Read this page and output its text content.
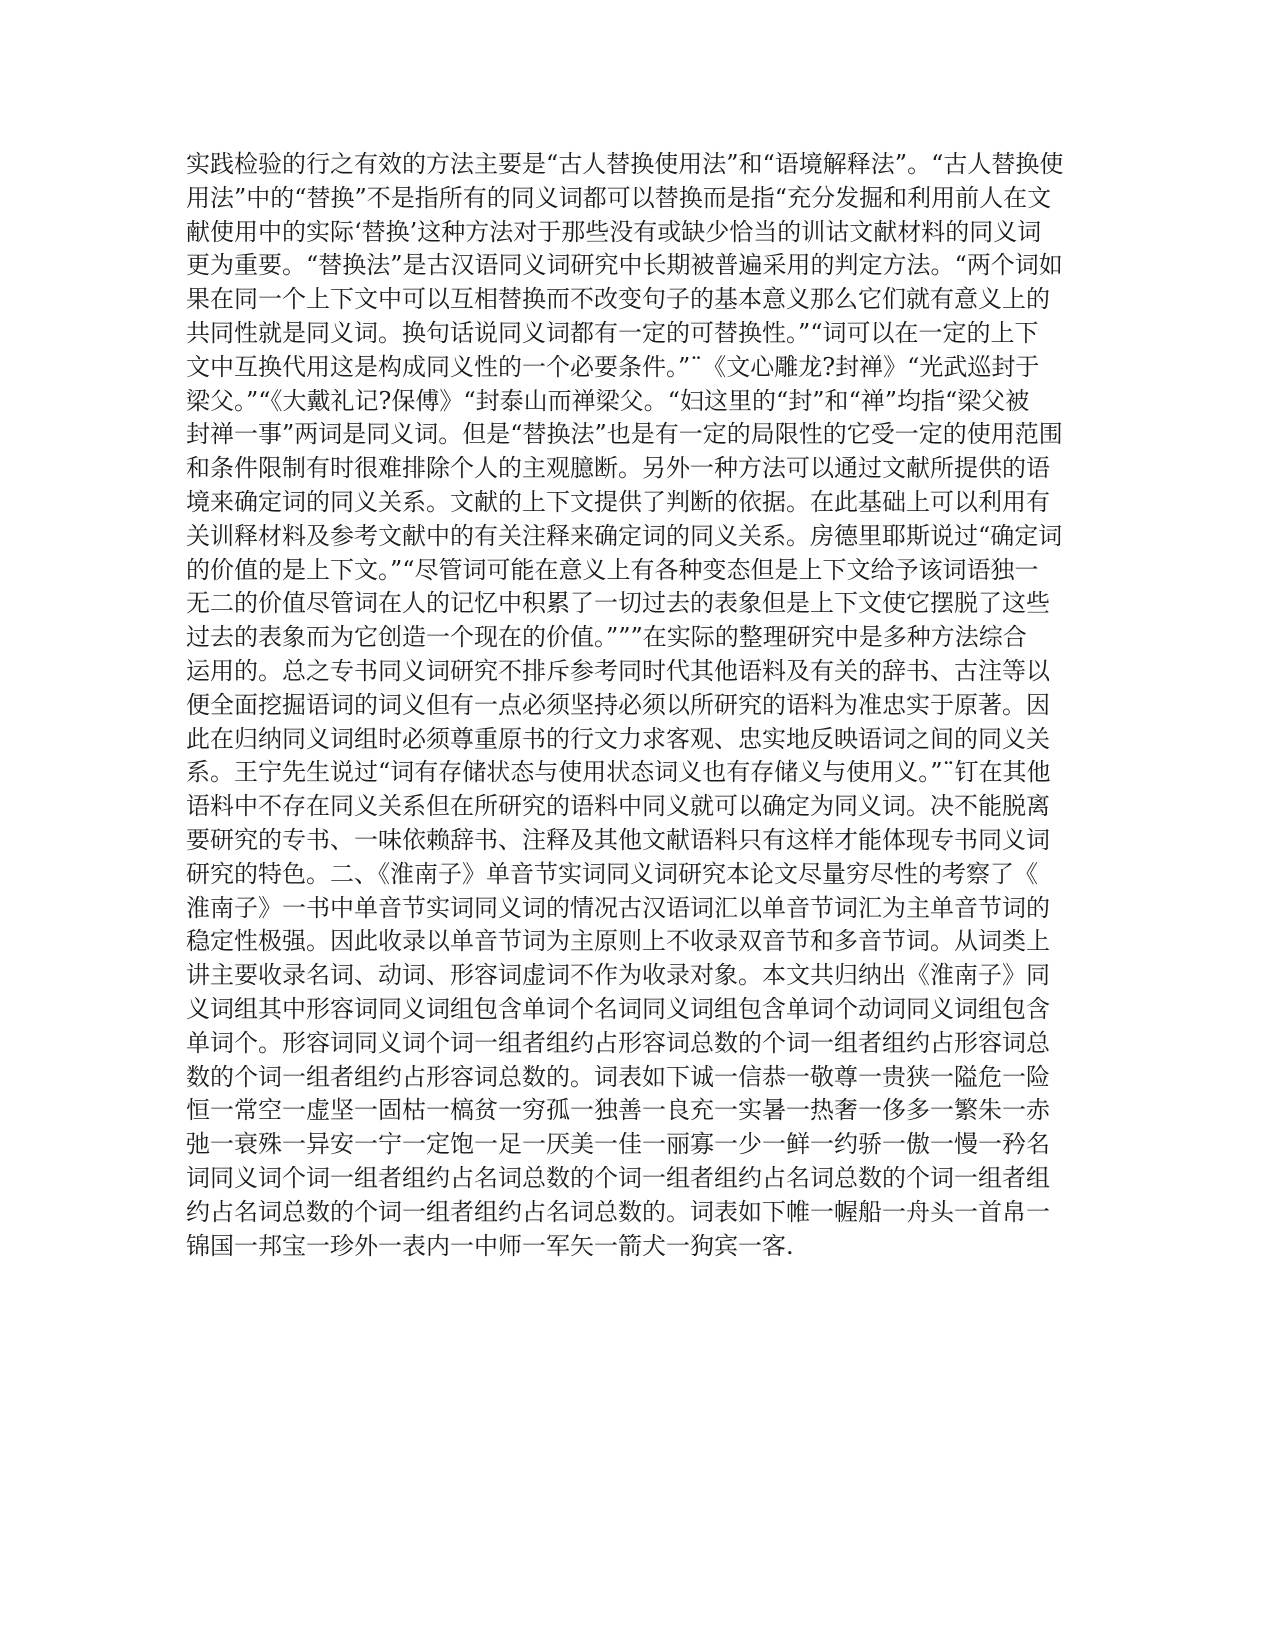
实践检验的行之有效的方法主要是“古人替换使用法”和“语境解释法”。“古人替换使
用法”中的“替换”不是指所有的同义词都可以替换而是指“充分发掘和利用前人在文
献使用中的实际‘替换’这种方法对于那些没有或缺少恰当的训诂文献材料的同义词
更为重要。“替换法”是古汉语同义词研究中长期被普遍采用的判定方法。“两个词如
果在同一个上下文中可以互相替换而不改变句子的基本意义那么它们就有意义上的
共同性就是同义词。换句话说同义词都有一定的可替换性。”“词可以在一定的上下
文中互换代用这是构成同义性的一个必要条件。”¨《文心雕龙?封禅》“光武巡封于
梁父。”“《大戴礼记?保傅》“封泰山而禅梁父。“妇这里的“封”和“禅”均指“梁父被
封禅一事”两词是同义词。但是“替换法”也是有一定的局限性的它受一定的使用范围
和条件限制有时很难排除个人的主观臆断。另外一种方法可以通过文献所提供的语
境来确定词的同义关系。文献的上下文提供了判断的依据。在此基础上可以利用有
关训释材料及参考文献中的有关注释来确定词的同义关系。房德里耶斯说过“确定词
的价值的是上下文。”“尽管词可能在意义上有各种变态但是上下文给予该词语独一
无二的价值尽管词在人的记忆中积累了一切过去的表象但是上下文使它摆脱了这些
过去的表象而为它创造一个现在的价值。”””在实际的整理研究中是多种方法综合
运用的。总之专书同义词研究不排斥参考同时代其他语料及有关的辞书、古注等以
便全面挖掘语词的词义但有一点必须坚持必须以所研究的语料为准忠实于原著。因
此在归纳同义词组时必须尊重原书的行文力求客观、忠实地反映语词之间的同义关
系。王宁先生说过“词有存储状态与使用状态词义也有存储义与使用义。”¨钉在其他
语料中不存在同义关系但在所研究的语料中同义就可以确定为同义词。决不能脱离
要研究的专书、一味依赖辞书、注释及其他文献语料只有这样才能体现专书同义词
研究的特色。二、《淮南子》单音节实词同义词研究本论文尽量穷尽性的考察了《
淮南子》一书中单音节实词同义词的情况古汉语词汇以单音节词汇为主单音节词的
稳定性极强。因此收录以单音节词为主原则上不收录双音节和多音节词。从词类上
讲主要收录名词、动词、形容词虚词不作为收录对象。本文共归纳出《淮南子》同
义词组其中形容词同义词组包含单词个名词同义词组包含单词个动词同义词组包含
单词个。形容词同义词个词一组者组约占形容词总数的个词一组者组约占形容词总
数的个词一组者组约占形容词总数的。词表如下诚一信恭一敬尊一贵狭一隘危一险
恒一常空一虚坚一固枯一槁贫一穷孤一独善一良充一实暑一热奢一侈多一繁朱一赤
弛一衰殊一异安一宁一定饱一足一厌美一佳一丽寡一少一鲜一约骄一傲一慢一矜名
词同义词个词一组者组约占名词总数的个词一组者组约占名词总数的个词一组者组
约占名词总数的个词一组者组约占名词总数的。词表如下帷一幄船一舟头一首帛一
锦国一邦宝一珍外一表内一中师一军矢一箭犬一狗宾一客.
